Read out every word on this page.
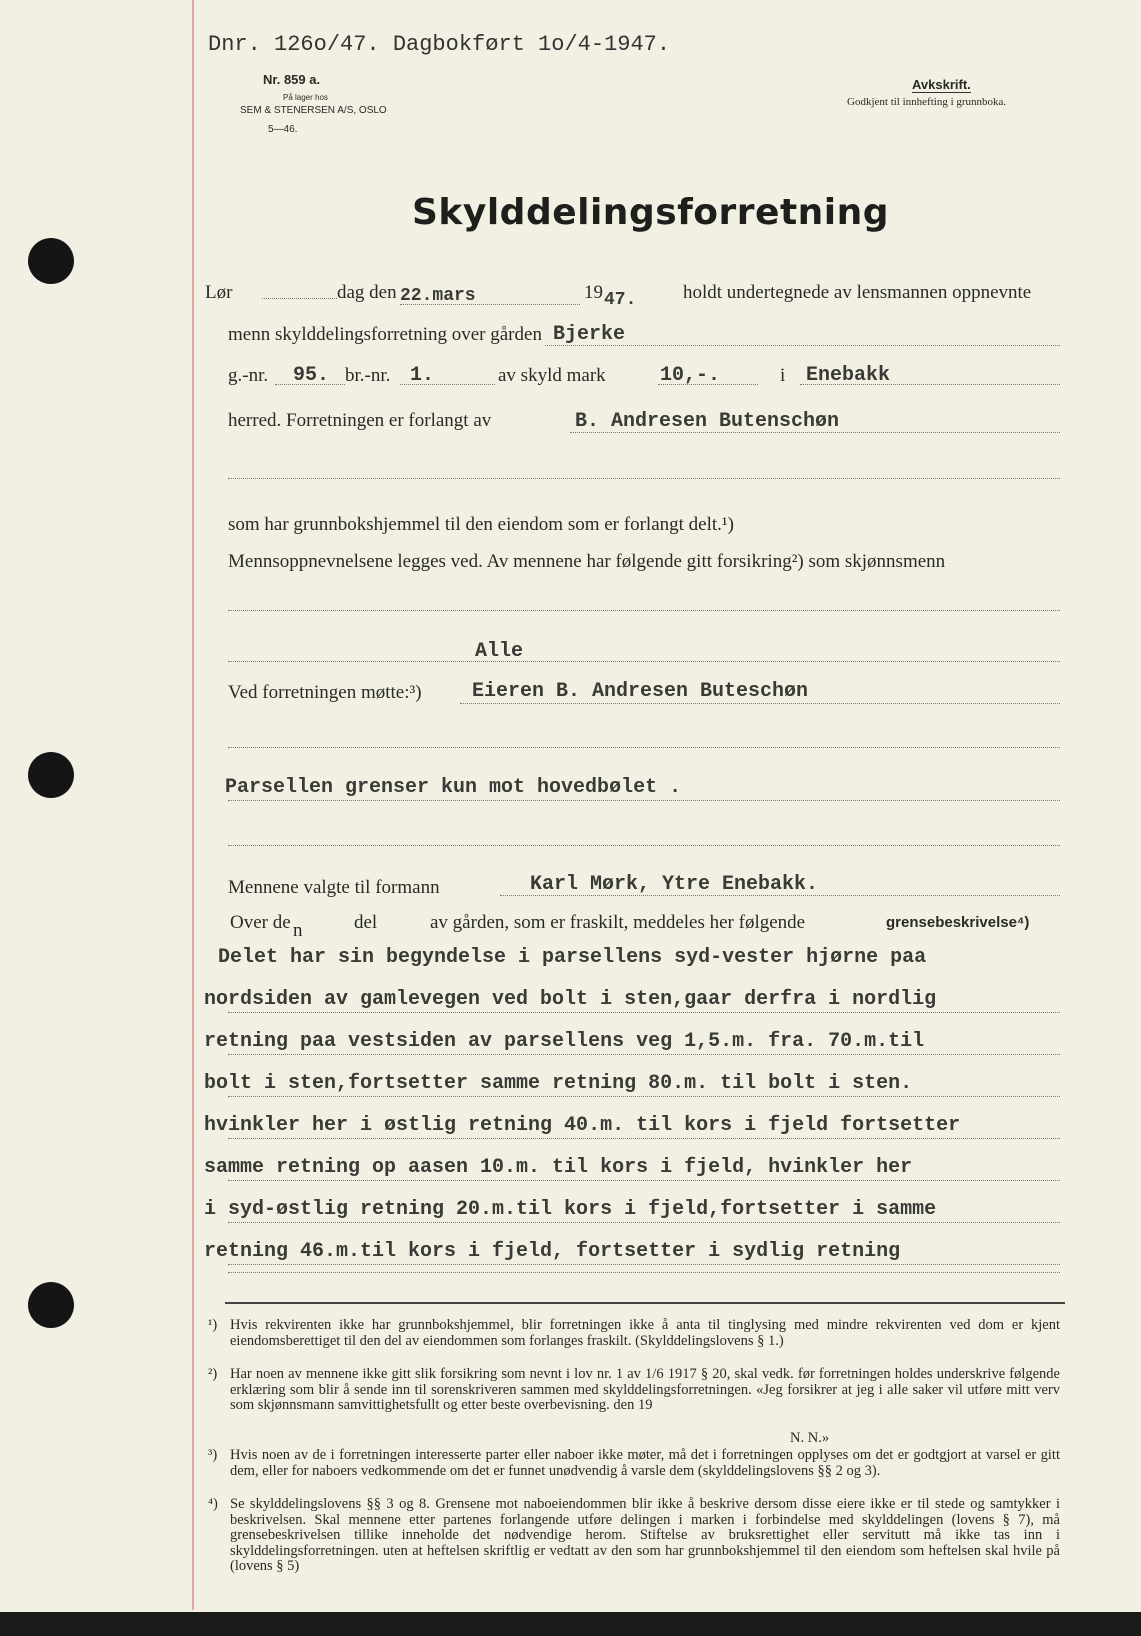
Dnr. 126o/47. Dagbokført 1o/4-1947.
Nr. 859 a.
På lager hos
SEM & STENERSEN A/S, OSLO
5—46.
Avkskrift.
Godkjent til innhefting i grunnboka.
Skylddelingsforretning
Lør	dag den 22.mars	19 47. holdt undertegnede av lensmannen oppnevnte
menn skylddelingsforretning over gården Bjerke
g.-nr. 95. br.-nr. 1.	av skyld mark	10,-.	i Enebakk
herred. Forretningen er forlangt av	B. Andresen Butenschøn
som har grunnbokshjemmel til den eiendom som er forlangt delt.¹)
Mennsoppnevnelsene legges ved. Av mennene har følgende gitt forsikring²) som skjønnsmenn
Alle
Ved forretningen møtte:³)	Eieren B. Andresen Buteschøn
Parsellen grenser kun mot hovedbølet .
Mennene valgte til formann	Karl Mørk, Ytre Enebakk.
Over de n	del	av gården, som er fraskilt, meddeles her følgende	grensebeskrivelse⁴)
Delet har sin begyndelse i parsellens syd-vester hjørne paa
nordsiden av gamlevegen ved bolt i sten,gaar derfra i nordlig
retning paa vestsiden av parsellens veg 1,5.m. fra. 70.m.til
bolt i sten,fortsetter samme retning 80.m. til bolt i sten.
hvinkler her i østlig retning 40.m. til kors i fjeld fortsetter
samme retning op aasen 10.m. til kors i fjeld, hvinkler her
i syd-østlig retning 20.m.til kors i fjeld,fortsetter i samme
retning 46.m.til kors i fjeld, fortsetter i sydlig retning
¹) Hvis rekvirenten ikke har grunnbokshjemmel, blir forretningen ikke å anta til tinglysing med mindre rekvirenten ved dom er kjent eiendomsberettiget til den del av eiendommen som forlanges fraskilt. (Skylddelingslovens § 1.)
²) Har noen av mennene ikke gitt slik forsikring som nevnt i lov nr. 1 av 1/6 1917 § 20, skal vedk. før forretningen holdes underskrive følgende erklæring som blir å sende inn til sorenskriveren sammen med skylddelingsforretningen. «Jeg forsikrer at jeg i alle saker vil utføre mitt verv som skjønnsmann samvittighetsfullt og etter beste overbevisning. den 19
N. N.»
³) Hvis noen av de i forretningen interesserte parter eller naboer ikke møter, må det i forretningen opplyses om det er godtgjort at varsel er gitt dem, eller for naboers vedkommende om det er funnet unødvendig å varsle dem (skylddelingslovens §§ 2 og 3).
⁴) Se skylddelingslovens §§ 3 og 8. Grensene mot naboeiendommen blir ikke å beskrive dersom disse eiere ikke er til stede og samtykker i beskrivelsen. Skal mennene etter partenes forlangende utføre delingen i marken i forbindelse med skylddelingen (lovens § 7), må grensebeskrivelsen tillike inneholde det nødvendige herom. Stiftelse av bruksrettighet eller servitutt må ikke tas inn i skylddelingsforretningen. uten at heftelsen skriftlig er vedtatt av den som har grunnbokshjemmel til den eiendom som heftelsen skal hvile på (lovens § 5)
